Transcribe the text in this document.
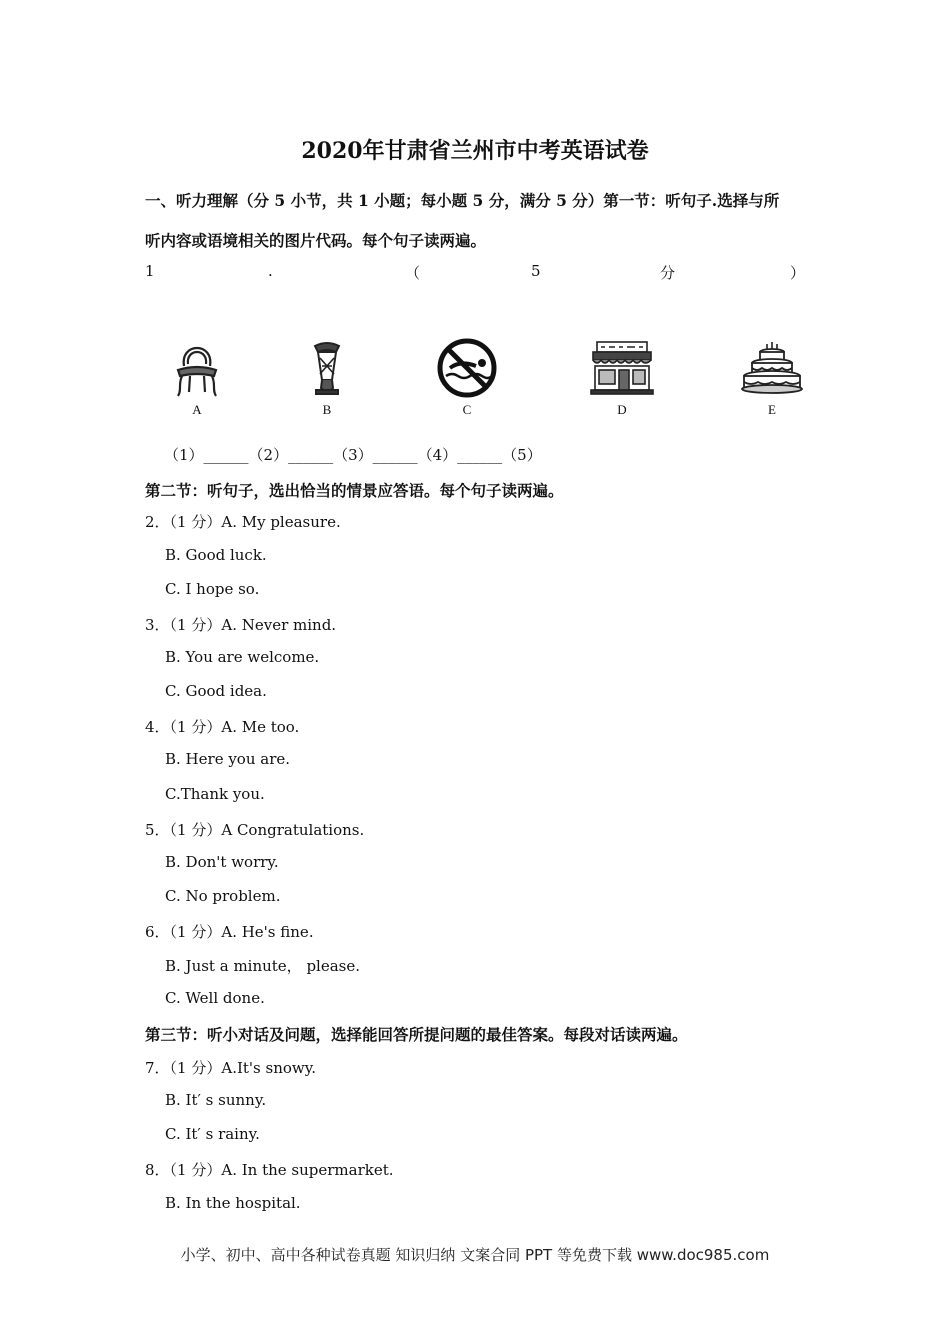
2020年甘肃省兰州市中考英语试卷
一、听力理解（分 5 小节，共 1 小题；每小题 5 分，满分 5 分）第一节：听句子.选择与所
听内容或语境相关的图片代码。每个句子读两遍。
1	.	（	5	分	）
A	B	C	D	E
（1）______（2）______（3）______（4）______（5）
第二节：听句子，选出恰当的情景应答语。每个句子读两遍。
2．（1 分）A. My pleasure.
B. Good luck.
C. I hope so.
3．（1 分）A. Never mind.
B. You are welcome.
C. Good idea.
4．（1 分）A. Me too.
B. Here you are.
C.Thank you.
5．（1 分）A Congratulations.
B. Don't worry.
C. No problem.
6．（1 分）A. He's fine.
B. Just a minute， please.
C. Well done.
第三节：听小对话及问题，选择能回答所提问题的最佳答案。每段对话读两遍。
7．（1 分）A.It's snowy.
B. It′ s sunny.
C. It′ s rainy.
8．（1 分）A. In the supermarket.
B. In the hospital.
小学、初中、高中各种试卷真题 知识归纳 文案合同 PPT 等免费下载 www.doc985.com
